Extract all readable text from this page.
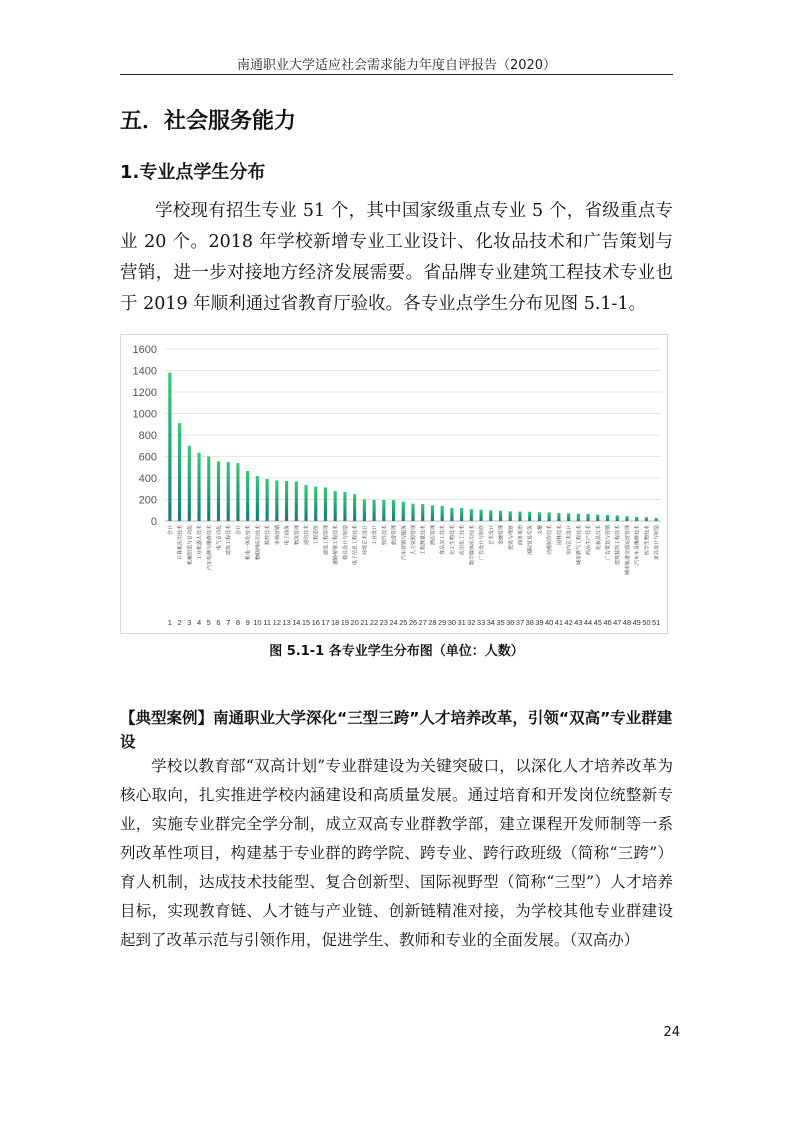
南通职业大学适应社会需求能力年度自评报告（2020）
五．社会服务能力
1.专业点学生分布

学校现有招生专业 51 个，其中国家级重点专业 5 个，省级重点专业 20 个。2018 年学校新增专业工业设计、化妆品技术和广告策划与营销，进一步对接地方经济发展需要。省品牌专业建筑工程技术专业也于 2019 年顺利通过省教育厅验收。各专业点学生分布见图 5.1-1。

0
200
400
600
800
1000
1200
1400
1600
合计
1
计算机应用技术
2
机械制造与自动化
3
工业机器人技术
4
汽车检测与维修技术
5
电气自动化
6
建筑工程技术
7
会计
8
机电一体化技术
9
物联网应用技术
10
数控技术
11
市场营销
12
电子商务
13
物流管理
14
通信技术
15
工程造价
16
建设工程管理
17
道路桥梁工程技术
18
模具设计与制造
19
电子信息工程技术
20
环境艺术设计
21
工业设计
22
软件技术
23
旅游管理
24
汽车营销与服务
25
人力资源管理
26
工程测量技术
27
酒店管理
28
食品加工技术
29
化工生物技术
30
应用化工技术
31
数字媒体应用技术
32
广告设计与制作
33
艺术设计
34
金融管理
35
投资与理财
36
商务英语
37
国际贸易实务
38
文秘
39
动漫制作技术
40
园林技术
41
室内艺术设计
42
城市燃气工程技术
43
药品生产技术
44
化妆品技术
45
广告策划与营销
46
建筑装饰工程技术
47
城市轨道交通运营管理
48
汽车车身维修技术
49
医学生物技术
50
家具设计与制造
51
图 5.1-1 各专业学生分布图（单位：人数）
【典型案例】南通职业大学深化“三型三跨”人才培养改革，引领“双高”专业群建设

学校以教育部“双高计划”专业群建设为关键突破口，以深化人才培养改革为核心取向，扎实推进学校内涵建设和高质量发展。通过培育和开发岗位统整新专业，实施专业群完全学分制，成立双高专业群教学部，建立课程开发师制等一系列改革性项目，构建基于专业群的跨学院、跨专业、跨行政班级（简称“三跨”）育人机制，达成技术技能型、复合创新型、国际视野型（简称“三型”）人才培养目标，实现教育链、人才链与产业链、创新链精准对接，为学校其他专业群建设起到了改革示范与引领作用，促进学生、教师和专业的全面发展。（双高办）

24
